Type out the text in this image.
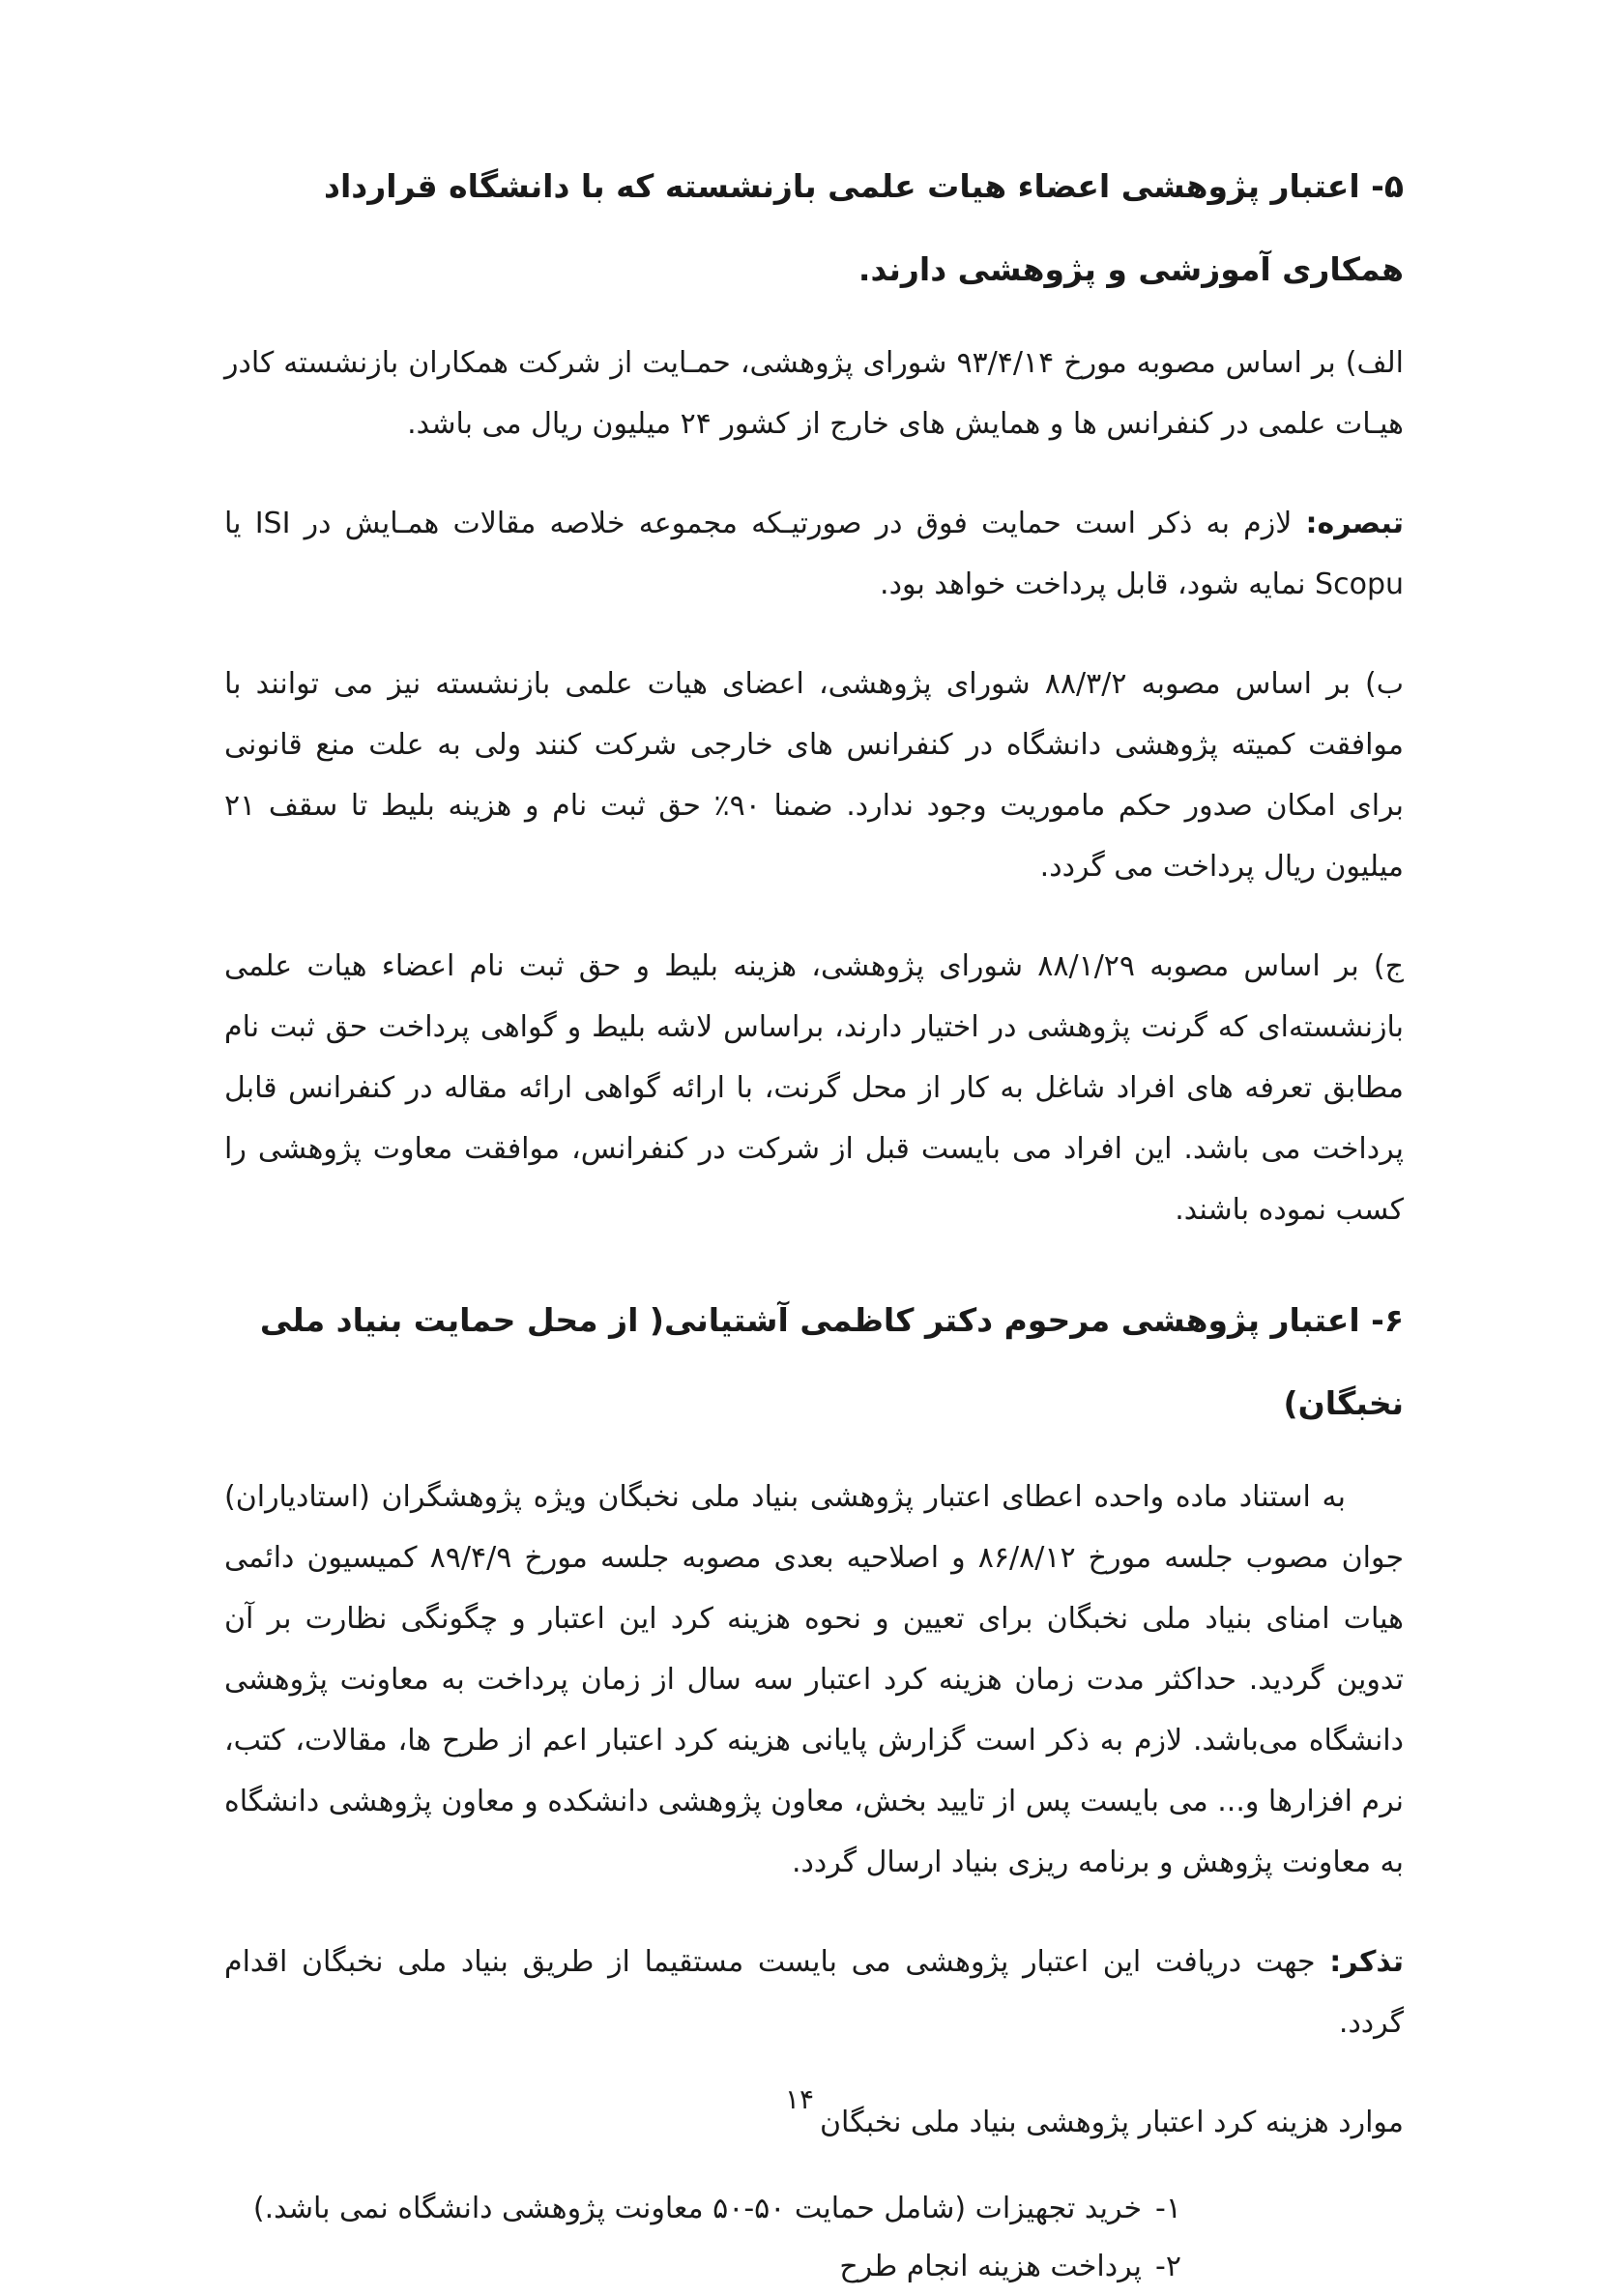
۵- اعتبار پژوهشی اعضاء هیات علمی بازنشسته که با دانشگاه قرارداد همکاری آموزشی و پژوهشی دارند.

الف) بر اساس مصوبه مورخ ۹۳/۴/۱۴ شورای پژوهشی، حمـایت از شرکت همکاران بازنشسته کادر هیـات علمی در کنفرانس ها و همایش های خارج از کشور ۲۴ میلیون ریال می باشد.

تبصره: لازم به ذکر است حمایت فوق در صورتیـکه مجموعه خلاصه مقالات همـایش در ISI یا Scopu نمایه شود، قابل پرداخت خواهد بود.

ب) بر اساس مصوبه ۸۸/۳/۲ شورای پژوهشی، اعضای هیات علمی بازنشسته نیز می توانند با موافقت کمیته پژوهشی دانشگاه در کنفرانس های خارجی شرکت کنند ولی به علت منع قانونی برای امکان صدور حکم ماموریت وجود ندارد. ضمنا ۹۰٪ حق ثبت نام و هزینه بلیط تا سقف ۲۱ میلیون ریال پرداخت می گردد.

ج) بر اساس مصوبه ۸۸/۱/۲۹ شورای پژوهشی، هزینه بلیط و حق ثبت نام اعضاء هیات علمی بازنشسته‌ای که گرنت پژوهشی در اختیار دارند، براساس لاشه بلیط و گواهی پرداخت حق ثبت نام مطابق تعرفه های افراد شاغل به کار از محل گرنت، با ارائه گواهی ارائه مقاله در کنفرانس قابل پرداخت می باشد. این افراد می بایست قبل از شرکت در کنفرانس، موافقت معاوت پژوهشی را کسب نموده باشند.

۶- اعتبار پژوهشی مرحوم دکتر کاظمی آشتیانی( از محل حمایت بنیاد ملی نخبگان)

به استناد ماده واحده اعطای اعتبار پژوهشی بنیاد ملی نخبگان ویژه پژوهشگران (استادیاران) جوان مصوب جلسه مورخ ۸۶/۸/۱۲ و اصلاحیه بعدی مصوبه جلسه مورخ ۸۹/۴/۹ کمیسیون دائمی هیات امنای بنیاد ملی نخبگان برای تعیین و نحوه هزینه کرد این اعتبار و چگونگی نظارت بر آن تدوین گردید. حداکثر مدت زمان هزینه کرد اعتبار سه سال از زمان پرداخت به معاونت پژوهشی دانشگاه می‌باشد. لازم به ذکر است گزارش پایانی هزینه کرد اعتبار اعم از طرح ها، مقالات، کتب، نرم افزارها و... می بایست پس از تایید بخش، معاون پژوهشی دانشکده و معاون پژوهشی دانشگاه به معاونت پژوهش و برنامه ریزی بنیاد ارسال گردد.

تذکر: جهت دریافت این اعتبار پژوهشی می بایست مستقیما از طریق بنیاد ملی نخبگان اقدام گردد.

موارد هزینه کرد اعتبار پژوهشی بنیاد ملی نخبگان

۱-خرید تجهیزات (شامل حمایت ۵۰-۵۰ معاونت پژوهشی دانشگاه نمی باشد.)
۲-پرداخت هزینه انجام طرح
۱۴
